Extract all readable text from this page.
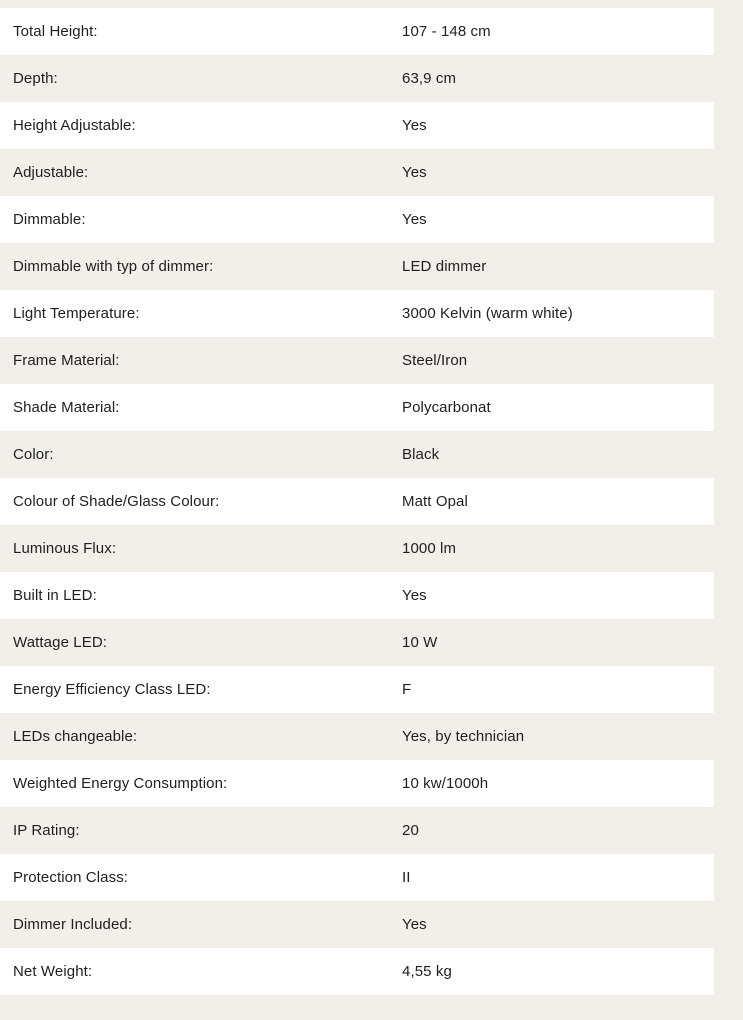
Total Height:	107 - 148 cm
Depth:	63,9 cm
Height Adjustable:	Yes
Adjustable:	Yes
Dimmable:	Yes
Dimmable with typ of dimmer:	LED dimmer
Light Temperature:	3000 Kelvin (warm white)
Frame Material:	Steel/Iron
Shade Material:	Polycarbonat
Color:	Black
Colour of Shade/Glass Colour:	Matt Opal
Luminous Flux:	1000 lm
Built in LED:	Yes
Wattage LED:	10 W
Energy Efficiency Class LED:	F
LEDs changeable:	Yes, by technician
Weighted Energy Consumption:	10 kw/1000h
IP Rating:	20
Protection Class:	II
Dimmer Included:	Yes
Net Weight:	4,55 kg
